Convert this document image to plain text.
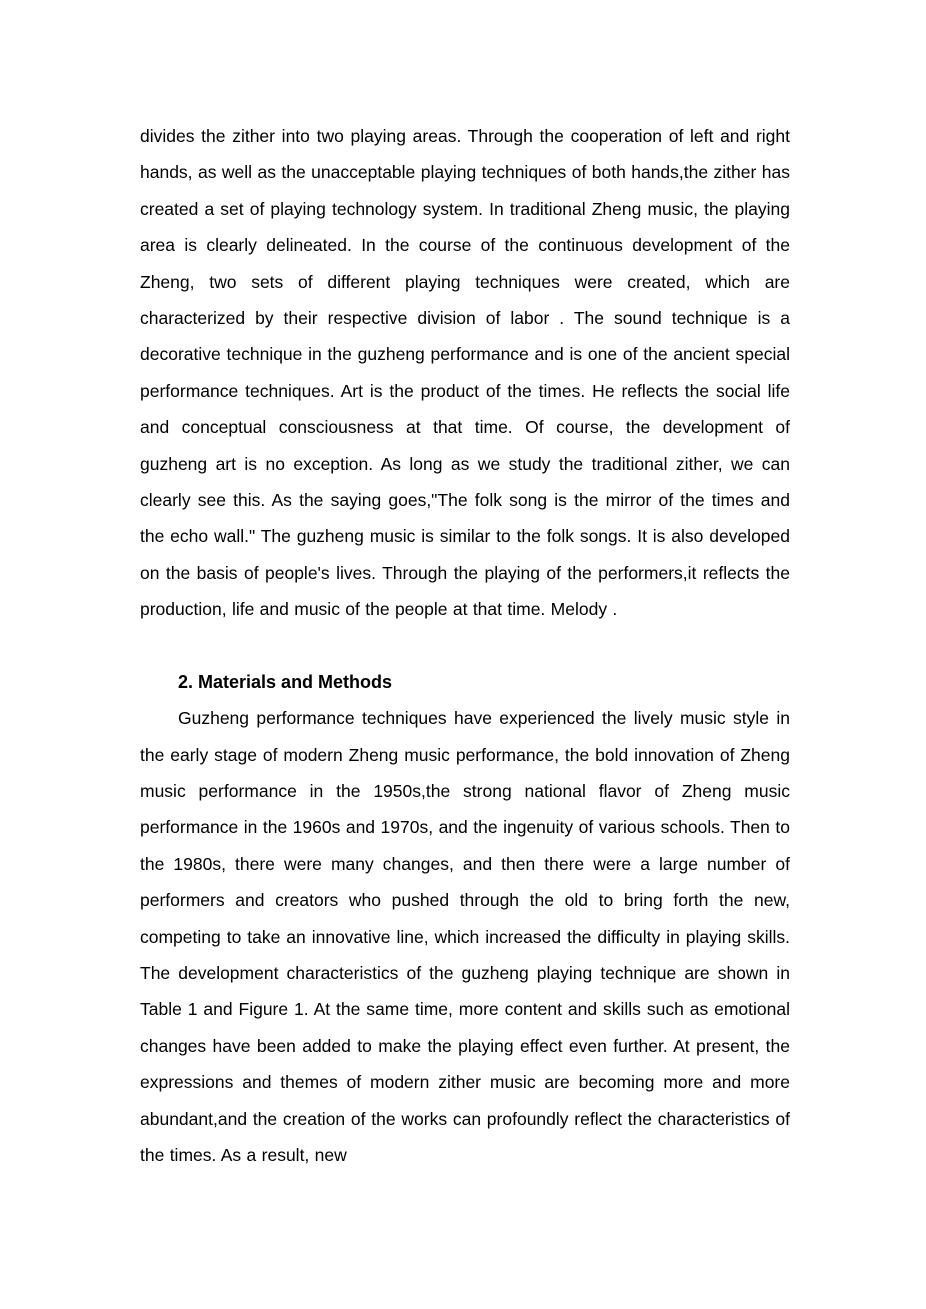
divides the zither into two playing areas. Through the cooperation of left and right hands, as well as the unacceptable playing techniques of both hands,the zither has created a set of playing technology system. In traditional Zheng music, the playing area is clearly delineated. In the course of the continuous development of the Zheng, two sets of different playing techniques were created, which are characterized by their respective division of labor . The sound technique is a decorative technique in the guzheng performance and is one of the ancient special performance techniques. Art is the product of the times. He reflects the social life and conceptual consciousness at that time. Of course, the development of guzheng art is no exception. As long as we study the traditional zither, we can clearly see this. As the saying goes,"The folk song is the mirror of the times and the echo wall." The guzheng music is similar to the folk songs. It is also developed on the basis of people's lives. Through the playing of the performers,it reflects the production, life and music of the people at that time. Melody .

2. Materials and Methods

Guzheng performance techniques have experienced the lively music style in the early stage of modern Zheng music performance, the bold innovation of Zheng music performance in the 1950s,the strong national flavor of Zheng music performance in the 1960s and 1970s, and the ingenuity of various schools. Then to the 1980s, there were many changes, and then there were a large number of performers and creators who pushed through the old to bring forth the new, competing to take an innovative line, which increased the difficulty in playing skills. The development characteristics of the guzheng playing technique are shown in Table 1 and Figure 1. At the same time, more content and skills such as emotional changes have been added to make the playing effect even further. At present, the expressions and themes of modern zither music are becoming more and more abundant,and the creation of the works can profoundly reflect the characteristics of the times. As a result, new
